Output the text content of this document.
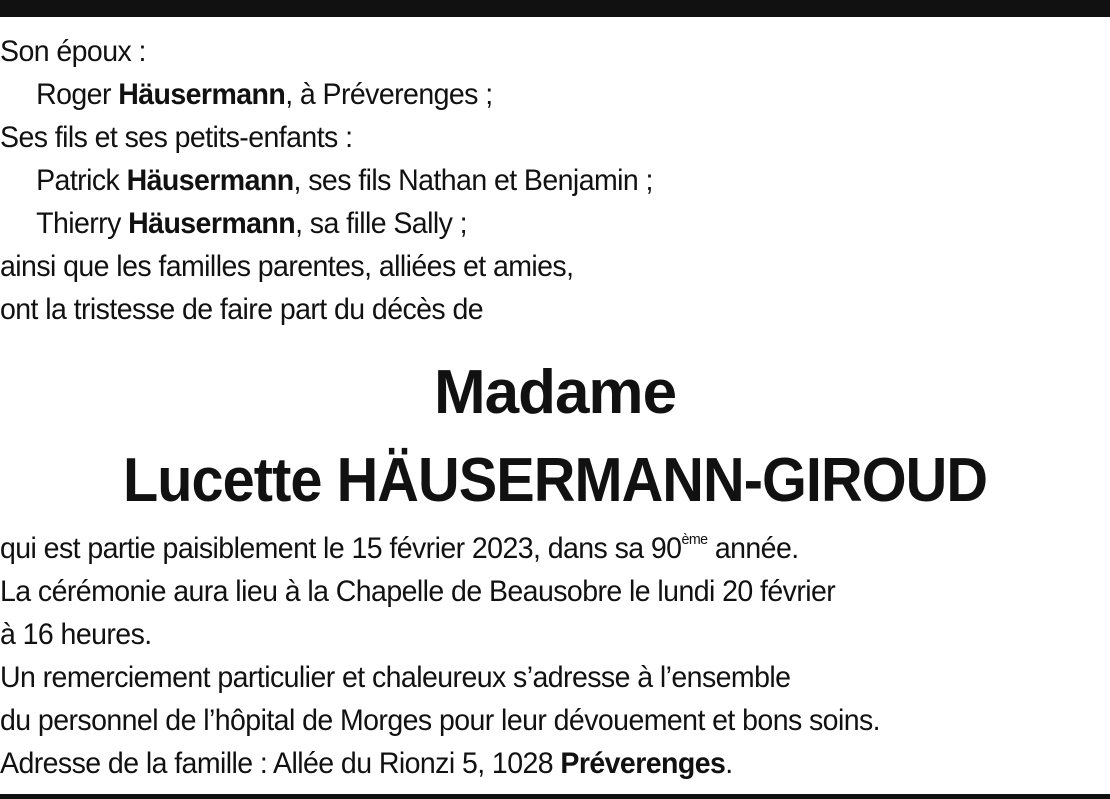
Son époux :
Roger Häusermann, à Préverenges ;
Ses fils et ses petits-enfants :
Patrick Häusermann, ses fils Nathan et Benjamin ;
Thierry Häusermann, sa fille Sally ;
ainsi que les familles parentes, alliées et amies,
ont la tristesse de faire part du décès de
Madame
Lucette HÄUSERMANN-GIROUD
qui est partie paisiblement le 15 février 2023, dans sa 90ème année.
La cérémonie aura lieu à la Chapelle de Beausobre le lundi 20 février
à 16 heures.
Un remerciement particulier et chaleureux s’adresse à l’ensemble
du personnel de l’hôpital de Morges pour leur dévouement et bons soins.
Adresse de la famille : Allée du Rionzi 5, 1028 Préverenges.
